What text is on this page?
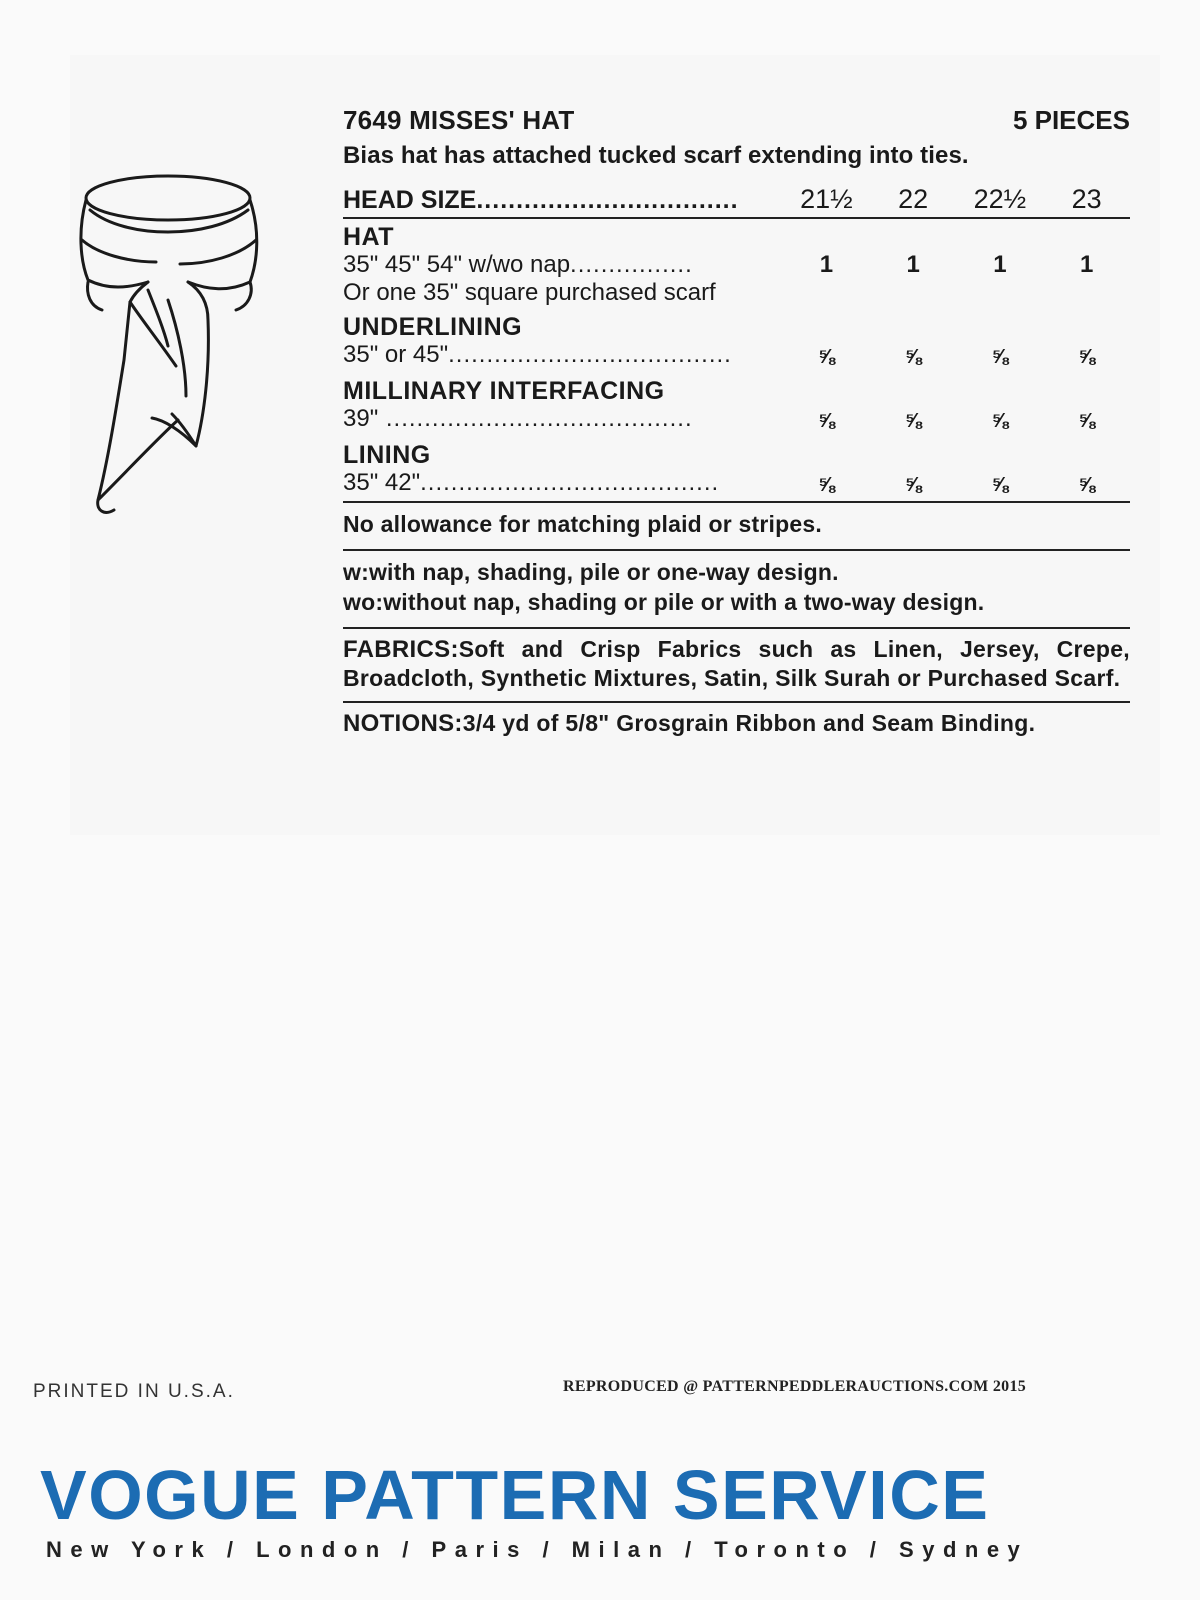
7649 MISSES' HAT	5 PIECES
Bias hat has attached tucked scarf extending into ties.
HEAD SIZE.................................	21½	22	22½	23
HAT
35" 45" 54" w/wo nap................	1	1	1	1
Or one 35" square purchased scarf
UNDERLINING
35" or 45".....................................	⅝	⅝	⅝	⅝
MILLINARY INTERFACING
39" ........................................	⅝	⅝	⅝	⅝
LINING
35" 42".......................................	⅝	⅝	⅝	⅝
No allowance for matching plaid or stripes.
w:with nap, shading, pile or one-way design.
wo:without nap, shading or pile or with a two-way design.
FABRICS:Soft and Crisp Fabrics such as Linen, Jersey, Crepe, Broadcloth, Synthetic Mixtures, Satin, Silk Surah or Purchased Scarf.
NOTIONS:3/4 yd of 5/8" Grosgrain Ribbon and Seam Binding.
PRINTED IN U.S.A.	REPRODUCED @ PATTERNPEDDLERAUCTIONS.COM 2015
VOGUE PATTERN SERVICE
New York / London / Paris / Milan / Toronto / Sydney
